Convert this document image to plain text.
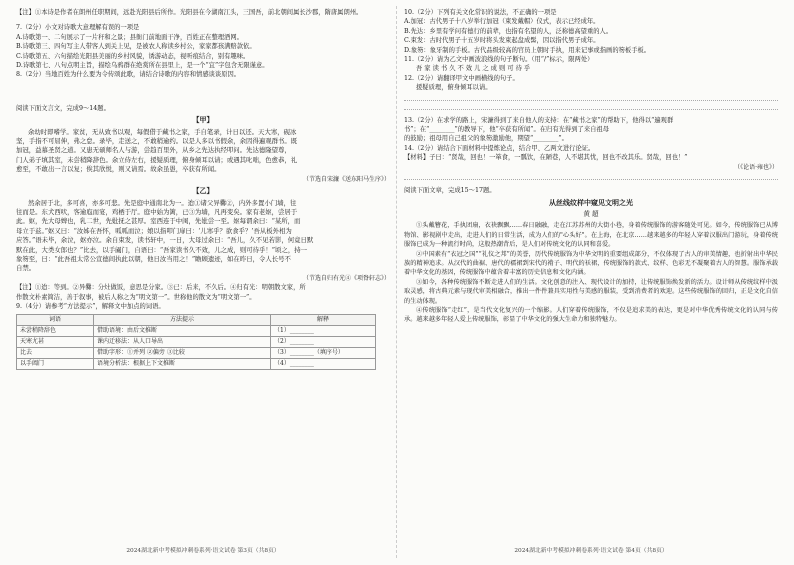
【注】①本诗是作者在朗州任职期间，远赴光阳县后所作。光阳县在今湖南江头，三国吾，前北朝间属长沙郡，隋唐属朗州。

7.（2分）小文对诗歌大意理解有误的一项是

A.诗歌第一、二句展示了一片秆和之景；县衙门前地面干净，百姓正在整理酒网。

B.诗歌第三、四句写主人带客人到关上见，是被农人称读乡村公，家家都孩满赔款依。

C.诗歌第五、六句描绘光阳县美丽的乡村风貌，诱游动态，视听痕结合，别有趣味。

D.诗歌第七、八句点明主旨，描绘乌鸦群在绝赏所在县里上，是一个“宜”字包含无限谨意。

8.（2分）当地百姓为什么要为令传颂此歌，请结合诗歌的内容和情感谈谈原因。

阅读下面文言文，完成9～14题。

【甲】

余幼时即嗜学。家贫，无从致书以观，每假借于藏书之家，手自笔录，计日以还。天大寒，砚冰

坚，手指不可屈伸，弗之怠。录毕，走送之，不敢稍逾约。以是人多以书假余，余因得遍观群书。既

加冠，益慕圣贤之道。又患无硕师名人与游，尝趋百里外，从乡之先达执经叩问。先达德隆望尊，

门人弟子填其室，未尝稍降辞色。余立侍左右，援疑质理，俯身倾耳以请；或遇其叱咄，色愈恭，礼

愈至，不敢出一言以复；俟其欣悦，则又请焉。故余虽愚，卒获有所闻。

（节选自宋濂《送东阳马生序》）

【乙】

然余居于北，多可喜，亦多可悲。先是庭中通南北为一。迨①诸父异爨②，内外多置小门墙，往

往而是。东犬西吠，客逾庖而宴，鸡栖于厅。庭中始为篱，已③为墙，凡再变矣。家有老妪，尝居于

此。妪，先大母婢也，乳二世，先妣抚之甚厚。室西连于中闺，先妣尝一至。妪每谓余曰：“某所，而

母立于兹。”妪又曰：“汝姊在吾怀，呱呱而泣；娘以指叩门扉曰：‘儿寒乎？欲食乎？’吾从板外相为

应答。”语未毕，余泣，妪亦泣。余自束发，读书轩中，一日，大母过余曰：“吾儿，久不见若影，何竟日默

默在此，大类女郎也？”比去，以手阖门，自语曰：“吾家读书久不效，儿之成，则可待乎！”顷之，持一

象笏至，曰：“此吾祖太常公宣德间执此以朝，他日汝当用之！”瞻顾遗迹，如在昨日，令人长号不

自禁。

（节选自归有光④《项脊轩志》）

【注】①迨：等到。②异爨：分灶做饭，意思是分家。③已：后来，不久后。④归有光：明朝散文家，所

作散文朴素简洁，善于叙事，被后人称之为“明文第一”。世称他的散文为“明文第一”。

9.（4分）请参考“方法提示”，解释文中加点的词语。

词语	方法提示	解释
未尝稍降辞色	借助语境：由后文推断	（1）________
天寒尤甚	课内迁移法：从人口导出	（2）________
比去	借助字形：①并列 ②偏旁 ③比较	（3）________（填序号）
以手阖门	语境分析法：根据上下文推断	（4）________
2024湖北新中考模拟冲刺卷系列·语文试卷 第3页（共8页）

10.（2分）下列有关文化常识的说法，不正确的一项是

A.加冠：古代男子十八岁举行加冠（束发戴帽）仪式，表示已经成年。

B.先达：乡里有学问有德行的前辈，也指有名望的人，泛称德高望重的人。

C.束发：古时代男子十五岁时将头发束起盘成髻，因以指代男子成年。

D.象笏：象牙制的手板。古代品级较高的官员上朝时手执，用来记事或指画的笏板手板。

11.（2分）请为乙文中画波浪线的句子断句。（用“/”标示，限两处）

吾 家 读 书 久 不 效 儿 之 成 则 可 待 乎

12.（2分）请翻译甲文中画横线的句子。

援疑质理，俯身倾耳以请。

13.（2分）在求学的路上，宋濂得到了来自他人的支持：在“藏书之家”的帮助下，他得以“遍观群

书”；在“________”的教导下，他“卒获有所闻”。在归有光得到了来自祖母

的鼓励；祖母用自己祖父的象笏激励他，期望“________”。

14.（2分）请结合下面材料中提炼论点，结合甲、乙两文进行论证。

【材料】子曰：“贤哉，回也！一箪食，一瓢饮，在陋巷，人不堪其忧，回也不改其乐。贤哉，回也！”

（《论语·雍也》）

阅读下面文章，完成15～17题。

从丝线纹样中窥见文明之光

黄 超

①头戴簪花，手执团扇，衣袂飘飘……春日融融，走在江苏苏州的大街小巷，身着传统服饰的游客随处可见。如今，传统服饰已从博物馆、影视剧中走出，走进人们的日常生活，成为人们的"心头好"。在上海，在北京……越来越多的年轻人穿着汉服出门游玩，身着传统服饰已成为一种流行时尚，这股热潮背后，是人们对传统文化的认同和喜爱。

②中国素有“衣冠之国”“礼仪之邦”的美誉，历代传统服饰为中华文明的重要组成部分，不仅体现了古人的审美情趣，也折射出中华民族的精神追求。从汉代的曲裾、唐代的襦裙到宋代的褙子、明代的袄裙，传统服饰的款式、纹样、色彩无不凝聚着古人的智慧。服饰承载着中华文化的基因，传统服饰中蕴含着丰富的历史信息和文化内涵。

③如今，各种传统服饰不断走进人们的生活。文化创意的注入、现代设计的加持，让传统服饰焕发新的活力。设计师从传统纹样中汲取灵感，将古典元素与现代审美相融合，推出一件件兼具实用性与美感的服装，受到消费者的欢迎。这些传统服饰的回归，正是文化自信的生动体现。

④传统服饰“走红”，是当代文化复兴的一个缩影。人们穿着传统服饰，不仅是追求美的表达，更是对中华优秀传统文化的认同与传承。越来越多年轻人爱上传统服饰，彰显了中华文化的强大生命力和独特魅力。

2024湖北新中考模拟冲刺卷系列·语文试卷 第4页（共8页）
